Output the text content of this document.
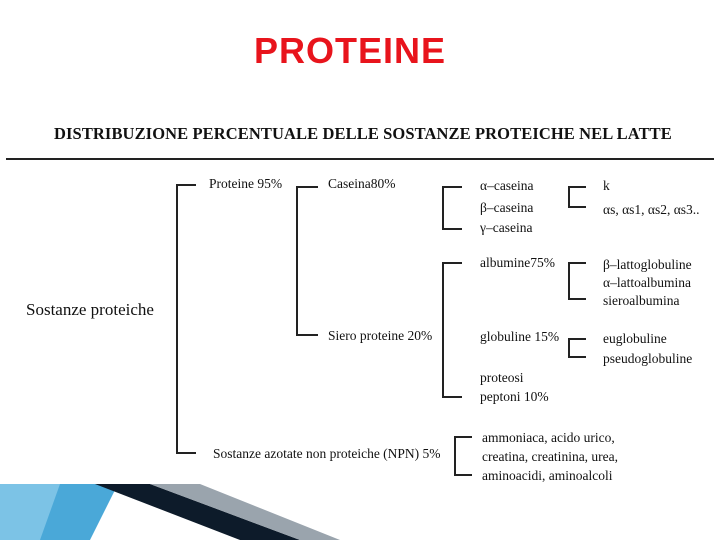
PROTEINE
DISTRIBUZIONE PERCENTUALE DELLE SOSTANZE PROTEICHE NEL LATTE
Sostanze proteiche
Proteine 95%
Sostanze azotate non proteiche (NPN) 5%
Caseina80%
Siero proteine 20%
α–caseina
β–caseina
γ–caseina
k
αs, αs1, αs2, αs3..
albumine75%
globuline 15%
proteosi
peptoni 10%
β–lattoglobuline
α–lattoalbumina
sieroalbumina
euglobuline
pseudoglobuline
ammoniaca, acido urico,
creatina, creatinina, urea,
aminoacidi, aminoalcoli
